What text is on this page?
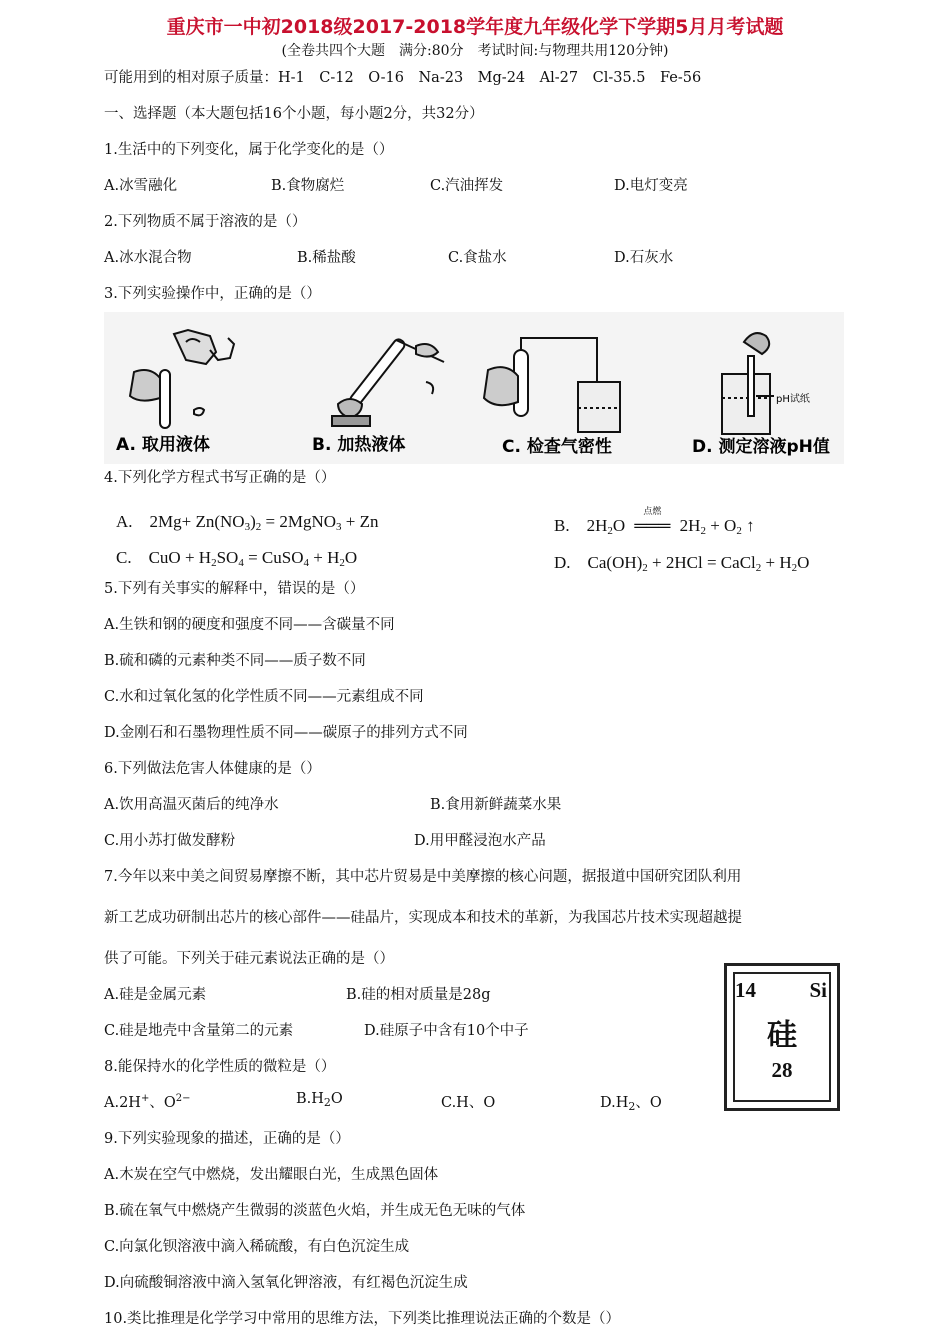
重庆市一中初2018级2017-2018学年度九年级化学下学期5月月考试题
(全卷共四个大题　满分:80分　考试时间:与物理共用120分钟)
可能用到的相对原子质量：H-1　C-12　O-16　Na-23　Mg-24　Al-27　Cl-35.5　Fe-56
一、选择题（本大题包括16个小题，每小题2分，共32分）
1.生活中的下列变化，属于化学变化的是（）
A.冰雪融化	B.食物腐烂	C.汽油挥发	D.电灯变亮
2.下列物质不属于溶液的是（）
A.冰水混合物	B.稀盐酸	C.食盐水	D.石灰水
3.下列实验操作中，正确的是（）
pH试纸
A. 取用液体	B. 加热液体	C. 检查气密性	D. 测定溶液pH值
4.下列化学方程式书写正确的是（）
A.　$2Mg+ Zn(NO_3)_2$ = 2MgNO$_3$ + Zn	B.　$2H_2O$
点燃
═══ $2H_2 + O_2$ ↑
C.　CuO + $H_2SO_4$ = CuSO$_4$ + $H_2O$	D.　$Ca(OH)_2 + 2HCl$ = CaCl$_2$ + $H_2O$
5.下列有关事实的解释中，错误的是（）
A.生铁和钢的硬度和强度不同——含碳量不同
B.硫和磷的元素种类不同——质子数不同
C.水和过氧化氢的化学性质不同——元素组成不同
D.金刚石和石墨物理性质不同——碳原子的排列方式不同
6.下列做法危害人体健康的是（）
A.饮用高温灭菌后的纯净水	B.食用新鲜蔬菜水果
C.用小苏打做发酵粉	D.用甲醛浸泡水产品
7.今年以来中美之间贸易摩擦不断，其中芯片贸易是中美摩擦的核心问题，据报道中国研究团队利用
新工艺成功研制出芯片的核心部件——硅晶片，实现成本和技术的革新，为我国芯片技术实现超越提
供了可能。下列关于硅元素说法正确的是（）
A.硅是金属元素	B.硅的相对质量是28g
C.硅是地壳中含量第二的元素	D.硅原子中含有10个中子
14	Si
硅
28
8.能保持水的化学性质的微粒是（）
A.2H+、$O^{2-}$	$B.H_2O$	C.H、O	$D.H_2$、O
9.下列实验现象的描述，正确的是（）
A.木炭在空气中燃烧，发出耀眼白光，生成黑色固体
B.硫在氧气中燃烧产生微弱的淡蓝色火焰，并生成无色无味的气体
C.向氯化钡溶液中滴入稀硫酸，有白色沉淀生成
D.向硫酸铜溶液中滴入氢氧化钾溶液，有红褐色沉淀生成
10.类比推理是化学学习中常用的思维方法，下列类比推理说法正确的个数是（）
